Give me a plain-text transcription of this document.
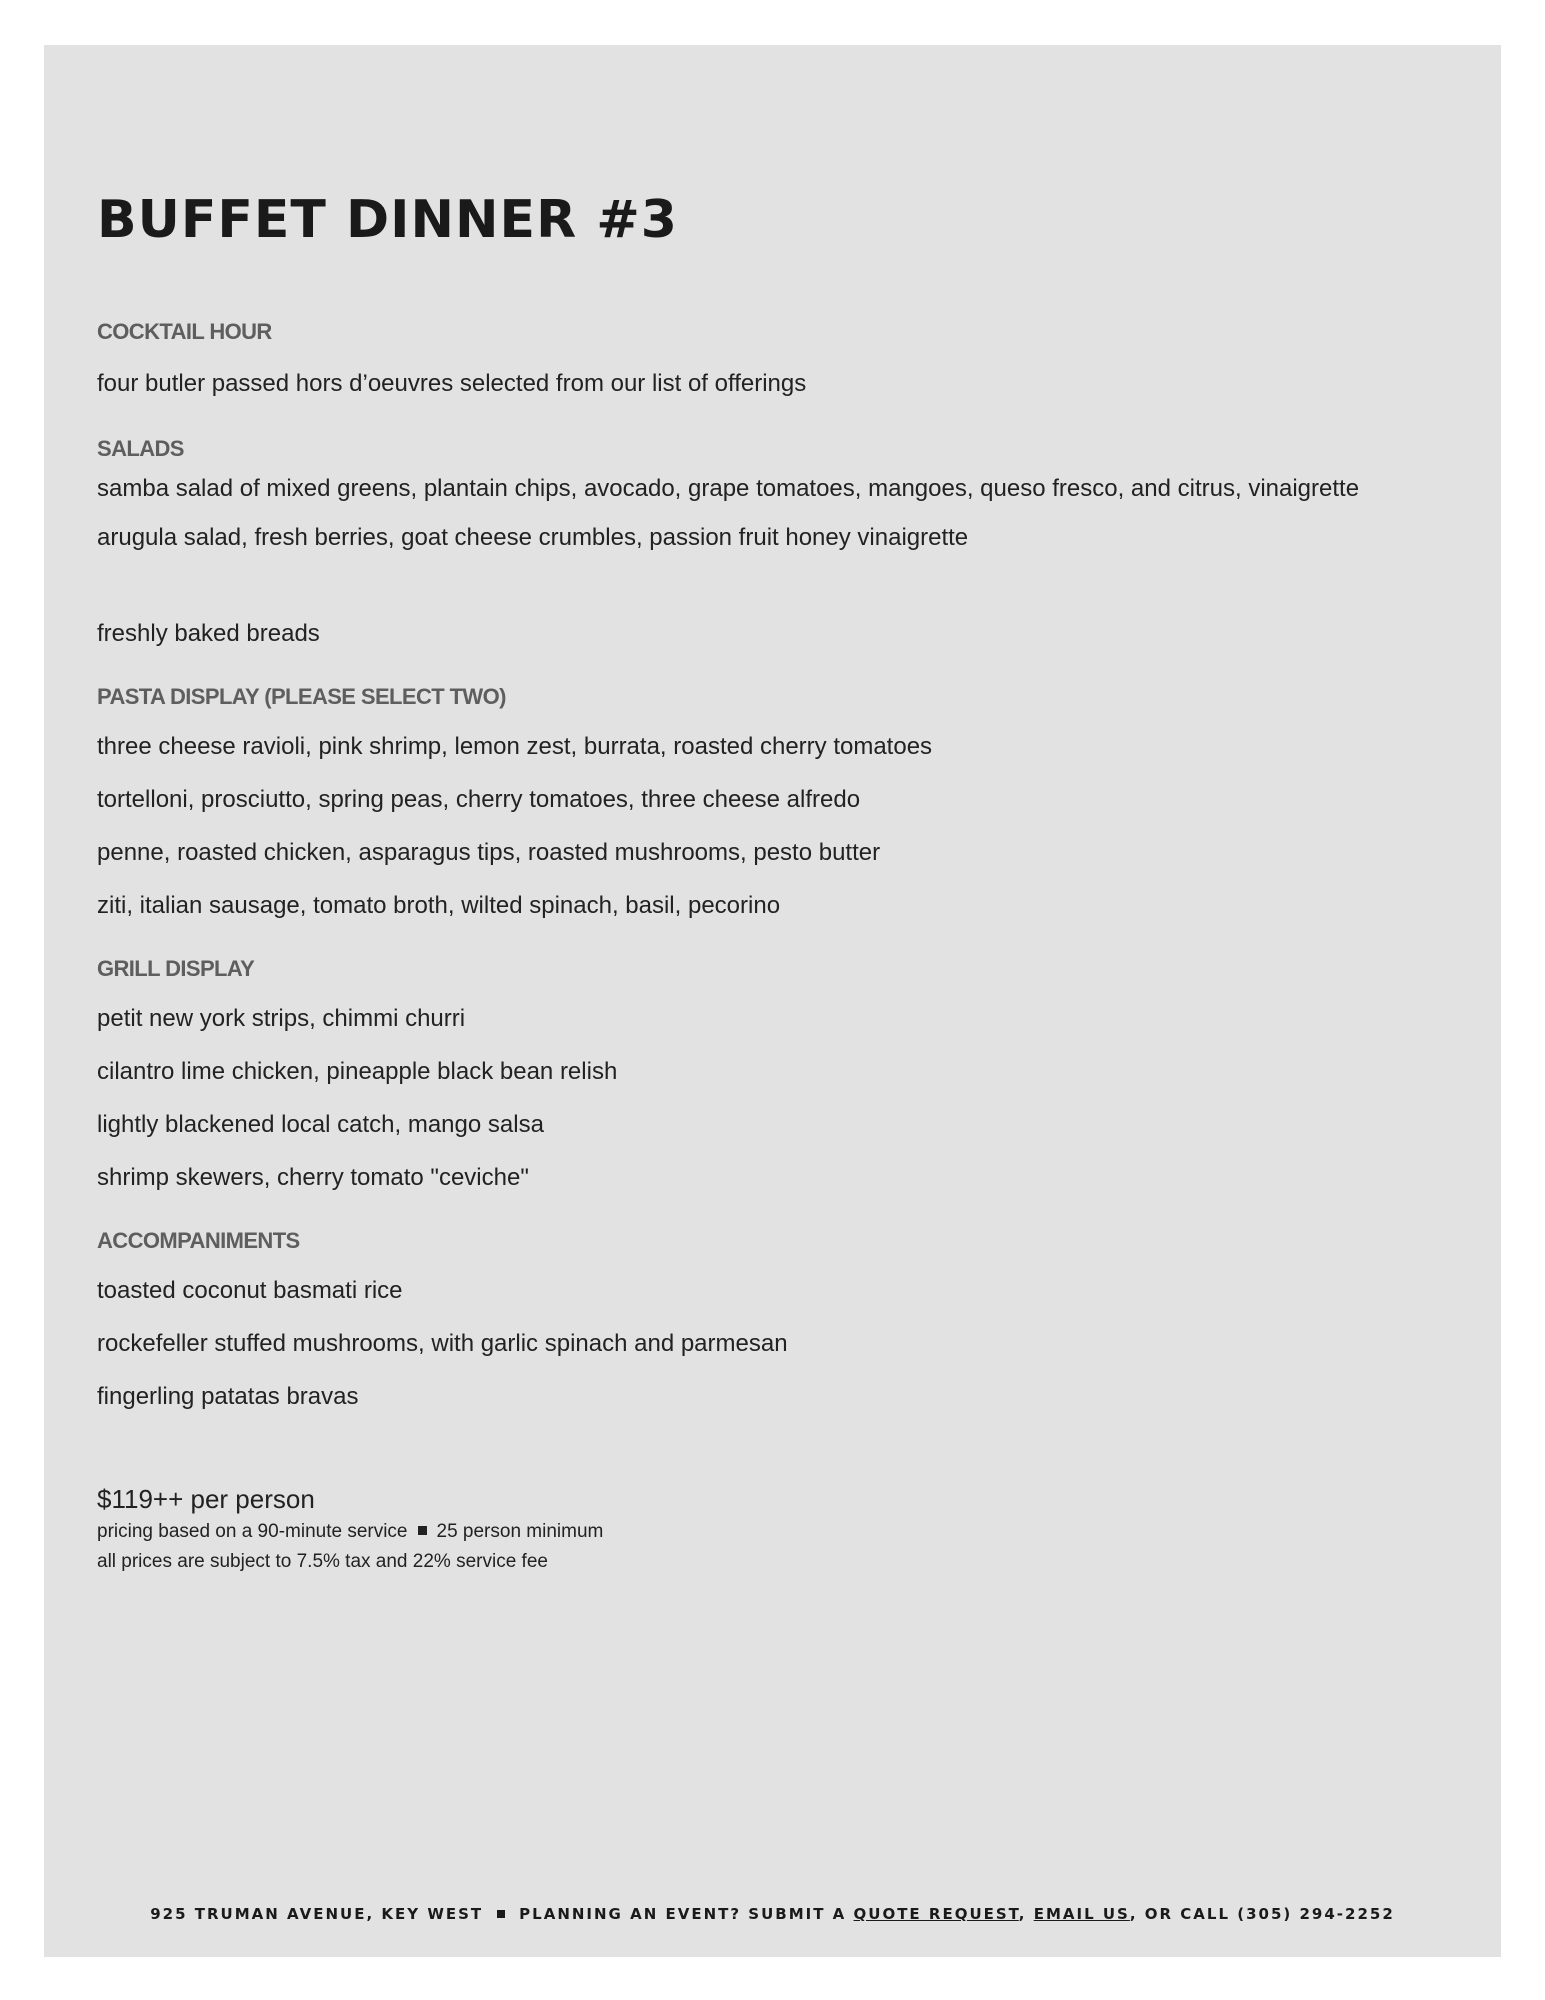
BUFFET DINNER #3
COCKTAIL HOUR
four butler passed hors d’oeuvres selected from our list of offerings
SALADS
samba salad of mixed greens, plantain chips, avocado, grape tomatoes, mangoes, queso fresco, and citrus, vinaigrette
arugula salad, fresh berries, goat cheese crumbles, passion fruit honey vinaigrette
freshly baked breads
PASTA DISPLAY (PLEASE SELECT TWO)
three cheese ravioli, pink shrimp, lemon zest, burrata, roasted cherry tomatoes
tortelloni, prosciutto, spring peas, cherry tomatoes, three cheese alfredo
penne, roasted chicken, asparagus tips, roasted mushrooms, pesto butter
ziti, italian sausage, tomato broth, wilted spinach, basil, pecorino
GRILL DISPLAY
petit new york strips, chimmi churri
cilantro lime chicken, pineapple black bean relish
lightly blackened local catch, mango salsa
shrimp skewers, cherry tomato "ceviche"
ACCOMPANIMENTS
toasted coconut basmati rice
rockefeller stuffed mushrooms, with garlic spinach and parmesan
fingerling patatas bravas
$119++ per person
pricing based on a 90-minute service 25 person minimum
all prices are subject to 7.5% tax and 22% service fee
925 TRUMAN AVENUE, KEY WEST PLANNING AN EVENT? SUBMIT A QUOTE REQUEST, EMAIL US, OR CALL (305) 294-2252
